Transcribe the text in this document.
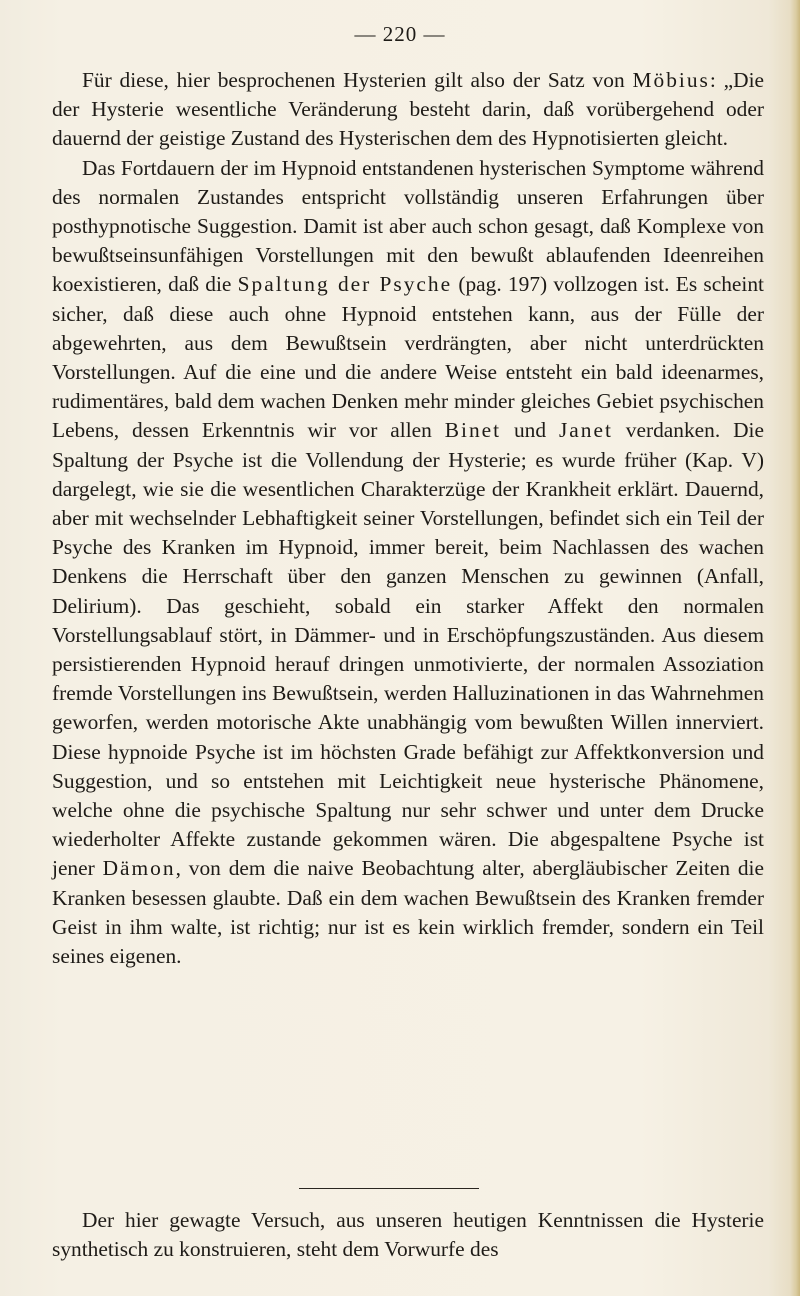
— 220 —

Für diese, hier besprochenen Hysterien gilt also der Satz von Möbius: „Die der Hysterie wesentliche Veränderung besteht darin, daß vorübergehend oder dauernd der geistige Zustand des Hysterischen dem des Hypnotisierten gleicht.

Das Fortdauern der im Hypnoid entstandenen hysterischen Symptome während des normalen Zustandes entspricht vollständig unseren Erfahrungen über posthypnotische Suggestion. Damit ist aber auch schon gesagt, daß Komplexe von bewußtseinsunfähigen Vorstellungen mit den bewußt ablaufenden Ideenreihen koexistieren, daß die Spaltung der Psyche (pag. 197) vollzogen ist. Es scheint sicher, daß diese auch ohne Hypnoid entstehen kann, aus der Fülle der abgewehrten, aus dem Bewußtsein verdrängten, aber nicht unterdrückten Vorstellungen. Auf die eine und die andere Weise entsteht ein bald ideenarmes, rudimentäres, bald dem wachen Denken mehr minder gleiches Gebiet psychischen Lebens, dessen Erkenntnis wir vor allen Binet und Janet verdanken. Die Spaltung der Psyche ist die Vollendung der Hysterie; es wurde früher (Kap. V) dargelegt, wie sie die wesentlichen Charakterzüge der Krankheit erklärt. Dauernd, aber mit wechselnder Lebhaftigkeit seiner Vorstellungen, befindet sich ein Teil der Psyche des Kranken im Hypnoid, immer bereit, beim Nachlassen des wachen Denkens die Herrschaft über den ganzen Menschen zu gewinnen (Anfall, Delirium). Das geschieht, sobald ein starker Affekt den normalen Vorstellungsablauf stört, in Dämmer- und in Erschöpfungszuständen. Aus diesem persistierenden Hypnoid herauf dringen unmotivierte, der normalen Assoziation fremde Vorstellungen ins Bewußtsein, werden Halluzinationen in das Wahrnehmen geworfen, werden motorische Akte unabhängig vom bewußten Willen innerviert. Diese hypnoide Psyche ist im höchsten Grade befähigt zur Affektkonversion und Suggestion, und so entstehen mit Leichtigkeit neue hysterische Phänomene, welche ohne die psychische Spaltung nur sehr schwer und unter dem Drucke wiederholter Affekte zustande gekommen wären. Die abgespaltene Psyche ist jener Dämon, von dem die naive Beobachtung alter, abergläubischer Zeiten die Kranken besessen glaubte. Daß ein dem wachen Bewußtsein des Kranken fremder Geist in ihm walte, ist richtig; nur ist es kein wirklich fremder, sondern ein Teil seines eigenen.

Der hier gewagte Versuch, aus unseren heutigen Kenntnissen die Hysterie synthetisch zu konstruieren, steht dem Vorwurfe des
